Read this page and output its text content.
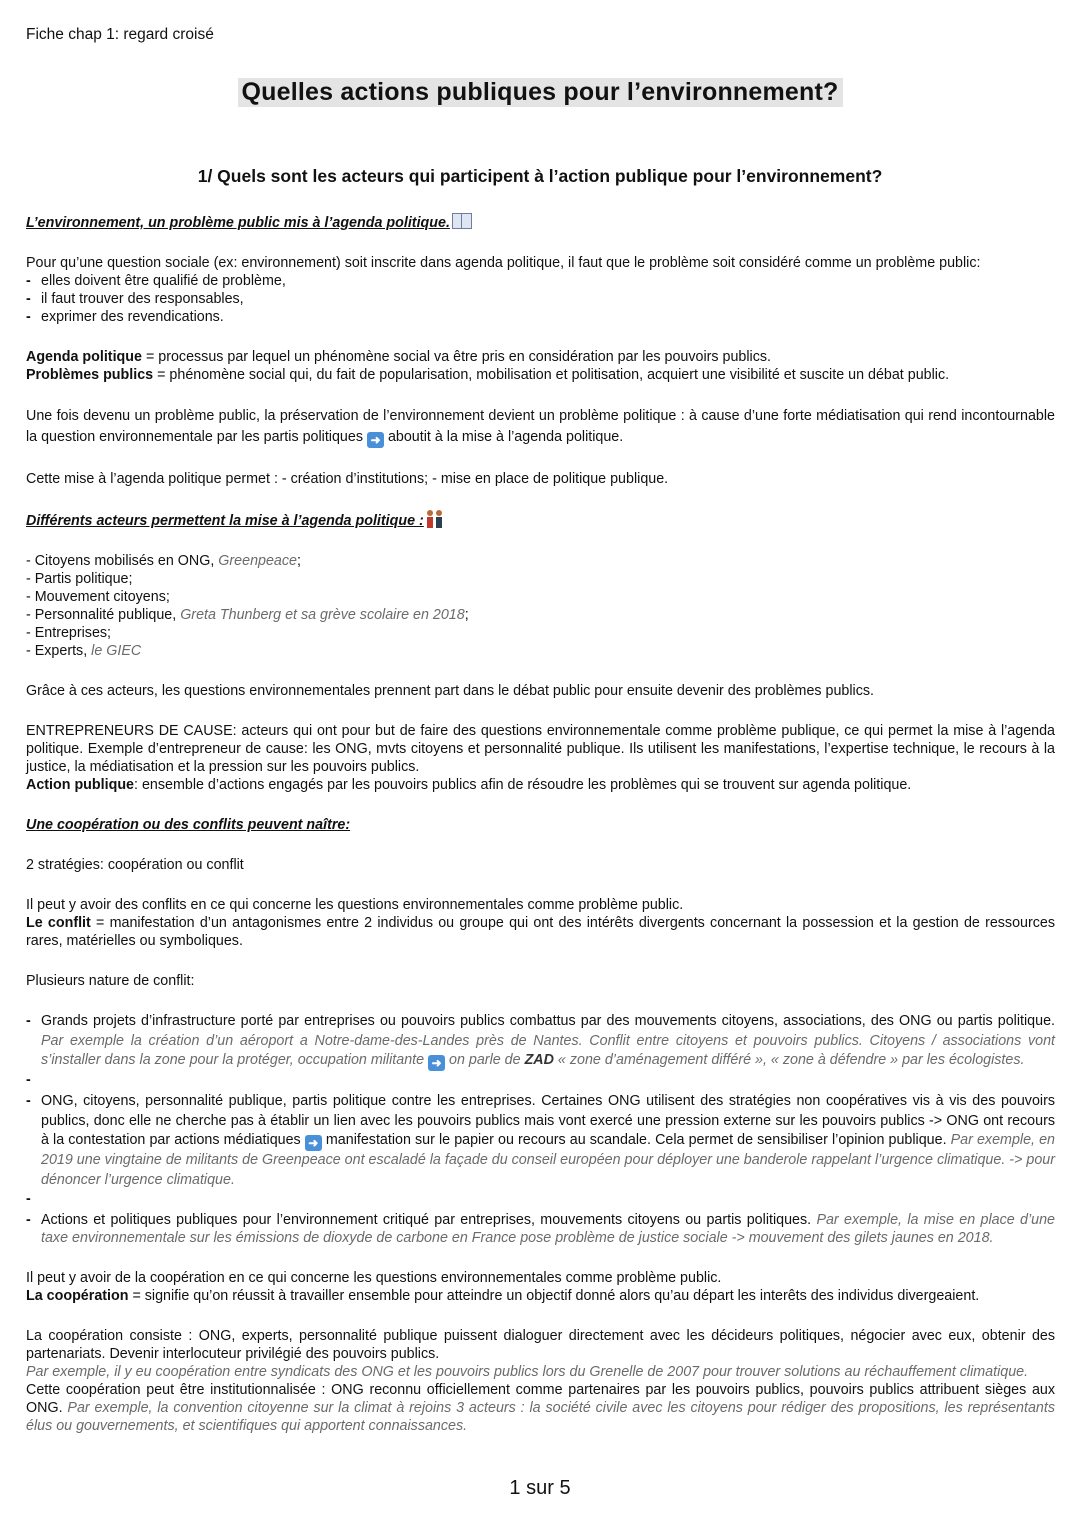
Fiche chap 1: regard croisé
Quelles actions publiques pour l’environnement?
1/ Quels sont les acteurs qui participent à l’action publique pour l’environnement?

L’environnement, un problème public mis à l’agenda politique.

Pour qu’une question sociale (ex: environnement) soit inscrite dans agenda politique, il faut que le problème soit considéré comme un problème public:

- elles doivent être qualifié de problème,
- il faut trouver des responsables,
- exprimer des revendications.

Agenda politique = processus par lequel un phénomène social va être pris en considération par les pouvoirs publics.

Problèmes publics = phénomène social qui, du fait de popularisation, mobilisation et politisation, acquiert une visibilité et suscite un débat public.

Une fois devenu un problème public, la préservation de l’environnement devient un problème politique : à cause d’une forte médiatisation qui rend incontournable la question environnementale par les partis politiques ➜ aboutit à la mise à l’agenda politique.

Cette mise à l’agenda politique permet : - création d’institutions; - mise en place de politique publique.

Différents acteurs permettent la mise à l’agenda politique :

- Citoyens mobilisés en ONG, Greenpeace;

- Partis politique;

- Mouvement citoyens;

- Personnalité publique, Greta Thunberg et sa grève scolaire en 2018;

- Entreprises;

- Experts, le GIEC

Grâce à ces acteurs, les questions environnementales prennent part dans le débat public pour ensuite devenir des problèmes publics.

ENTREPRENEURS DE CAUSE: acteurs qui ont pour but de faire des questions environnementale comme problème publique, ce qui permet la mise à l’agenda politique. Exemple d’entrepreneur de cause: les ONG, mvts citoyens et personnalité publique. Ils utilisent les manifestations, l’expertise technique, le recours à la justice, la médiatisation et la pression sur les pouvoirs publics.

Action publique: ensemble d’actions engagés par les pouvoirs publics afin de résoudre les problèmes qui se trouvent sur agenda politique.

Une coopération ou des conflits peuvent naître:

2 stratégies: coopération ou conflit

Il peut y avoir des conflits en ce qui concerne les questions environnementales comme problème public.

Le conflit = manifestation d’un antagonismes entre 2 individus ou groupe qui ont des intérêts divergents concernant la possession et la gestion de ressources rares, matérielles ou symboliques.

Plusieurs nature de conflit:

- Grands projets d’infrastructure porté par entreprises ou pouvoirs publics combattus par des mouvements citoyens, associations, des ONG ou partis politique. Par exemple la création d’un aéroport a Notre-dame-des-Landes près de Nantes. Conflit entre citoyens et pouvoirs publics. Citoyens / associations vont s’installer dans la zone pour la protéger, occupation militante ➜ on parle de ZAD « zone d’aménagement différé », « zone à défendre » par les écologistes.
-
- ONG, citoyens, personnalité publique, partis politique contre les entreprises. Certaines ONG utilisent des stratégies non coopératives vis à vis des pouvoirs publics, donc elle ne cherche pas à établir un lien avec les pouvoirs publics mais vont exercé une pression externe sur les pouvoirs publics -> ONG ont recours à la contestation par actions médiatiques ➜ manifestation sur le papier ou recours au scandale. Cela permet de sensibiliser l’opinion publique. Par exemple, en 2019 une vingtaine de militants de Greenpeace ont escaladé la façade du conseil européen pour déployer une banderole rappelant l’urgence climatique. -> pour dénoncer l’urgence climatique.
-
- Actions et politiques publiques pour l’environnement critiqué par entreprises, mouvements citoyens ou partis politiques. Par exemple, la mise en place d’une taxe environnementale sur les émissions de dioxyde de carbone en France pose problème de justice sociale -> mouvement des gilets jaunes en 2018.

Il peut y avoir de la coopération en ce qui concerne les questions environnementales comme problème public.

La coopération = signifie qu’on réussit à travailler ensemble pour atteindre un objectif donné alors qu’au départ les interêts des individus divergeaient.

La coopération consiste : ONG, experts, personnalité publique puissent dialoguer directement avec les décideurs politiques, négocier avec eux, obtenir des partenariats. Devenir interlocuteur privilégié des pouvoirs publics.

Par exemple, il y eu coopération entre syndicats des ONG et les pouvoirs publics lors du Grenelle de 2007 pour trouver solutions au réchauffement climatique.

Cette coopération peut être institutionnalisée : ONG reconnu officiellement comme partenaires par les pouvoirs publics, pouvoirs publics attribuent sièges aux ONG. Par exemple, la convention citoyenne sur la climat à rejoins 3 acteurs : la société civile avec les citoyens pour rédiger des propositions, les représentants élus ou gouvernements, et scientifiques qui apportent connaissances.

1 sur 5
